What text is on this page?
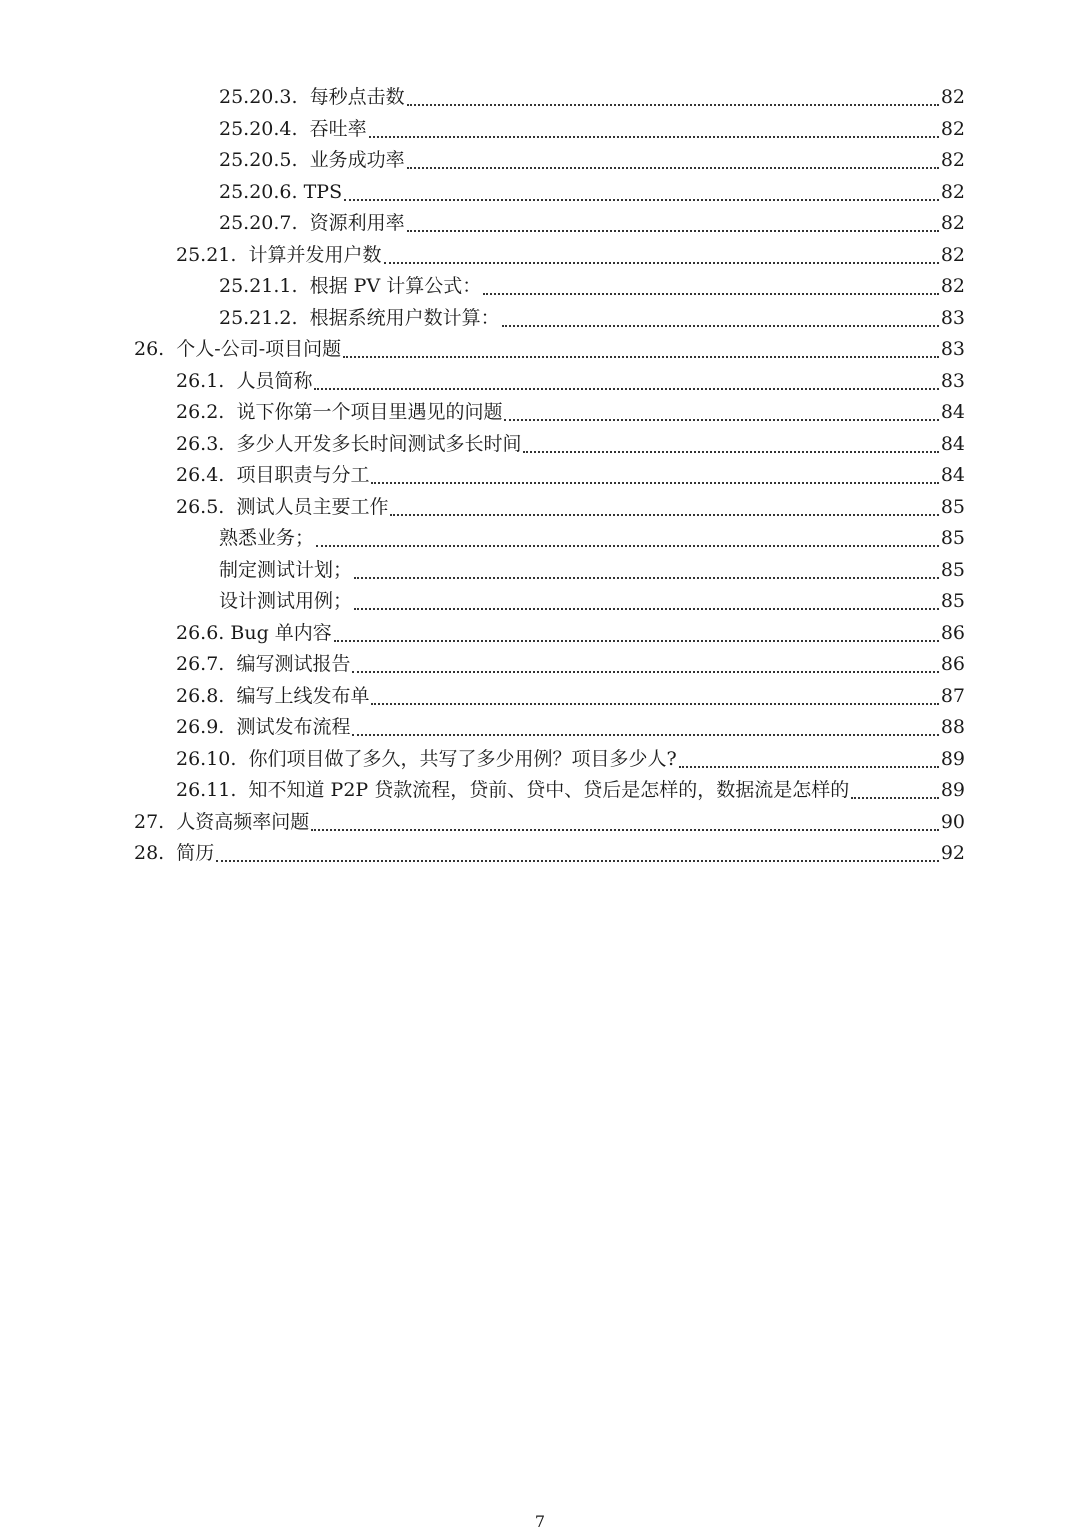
25.20.3. 每秒点击数	82
25.20.4. 吞吐率	82
25.20.5. 业务成功率	82
25.20.6. TPS	82
25.20.7. 资源利用率	82
25.21. 计算并发用户数	82
25.21.1. 根据 PV 计算公式：	82
25.21.2. 根据系统用户数计算：	83
26. 个人-公司-项目问题	83
26.1. 人员简称	83
26.2. 说下你第一个项目里遇见的问题	84
26.3. 多少人开发多长时间测试多长时间	84
26.4. 项目职责与分工	84
26.5. 测试人员主要工作	85
熟悉业务；	85
制定测试计划；	85
设计测试用例；	85
26.6. Bug 单内容	86
26.7. 编写测试报告	86
26.8. 编写上线发布单	87
26.9. 测试发布流程	88
26.10. 你们项目做了多久，共写了多少用例？项目多少人?	89
26.11. 知不知道 P2P 贷款流程，贷前、贷中、贷后是怎样的，数据流是怎样的	89
27. 人资高频率问题	90
28. 简历	92
7
